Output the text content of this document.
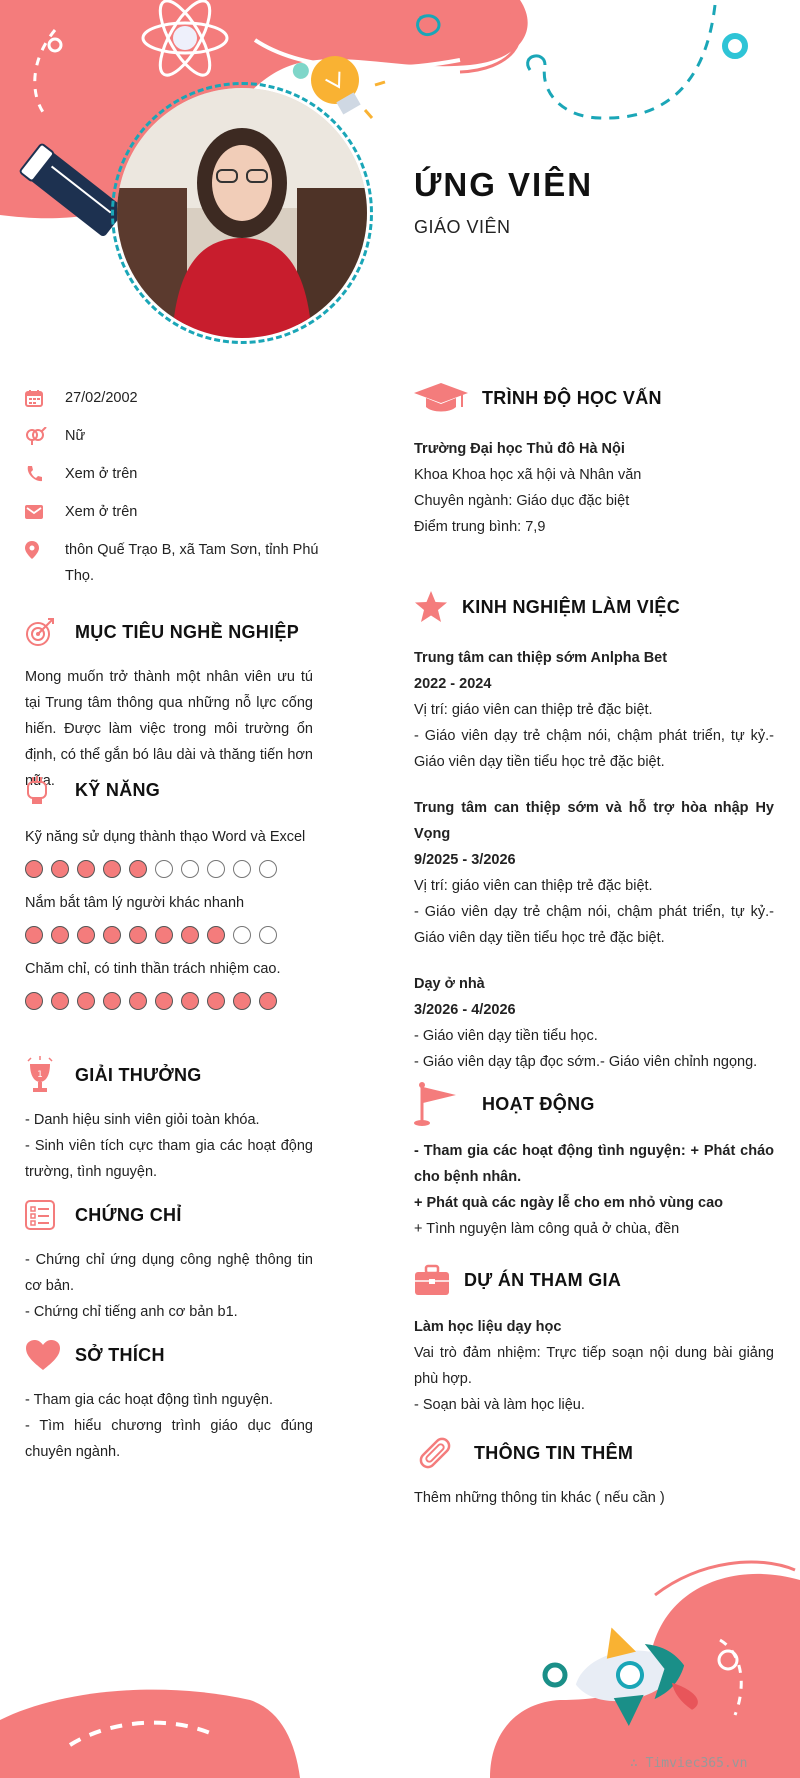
ỨNG VIÊN
GIÁO VIÊN
27/02/2002
Nữ
Xem ở trên
Xem ở trên
thôn Quế Trạo B, xã Tam Sơn, tỉnh Phú Thọ.
MỤC TIÊU NGHỀ NGHIỆP
Mong muốn trở thành một nhân viên ưu tú tại Trung tâm thông qua những nỗ lực cống hiến. Được làm việc trong môi trường ổn định, có thể gắn bó lâu dài và thăng tiến hơn nữa.	KỸ NĂNG
Kỹ năng sử dụng thành thạo Word và Excel
Nắm bắt tâm lý người khác nhanh
Chăm chỉ, có tinh thần trách nhiệm cao.
1 GIẢI THƯỞNG

- Danh hiệu sinh viên giỏi toàn khóa.

- Sinh viên tích cực tham gia các hoạt động trường, tình nguyện.

CHỨNG CHỈ

- Chứng chỉ ứng dụng công nghệ thông tin cơ bản.

- Chứng chỉ tiếng anh cơ bản b1.

SỞ THÍCH

- Tham gia các hoạt động tình nguyện.

- Tìm hiểu chương trình giáo dục đúng chuyên ngành.

TRÌNH ĐỘ HỌC VẤN

Trường Đại học Thủ đô Hà Nội

Khoa Khoa học xã hội và Nhân văn

Chuyên ngành: Giáo dục đặc biệt

Điểm trung bình: 7,9

KINH NGHIỆM LÀM VIỆC

Trung tâm can thiệp sớm Anlpha Bet

2022 - 2024

Vị trí: giáo viên can thiệp trẻ đặc biệt.

- Giáo viên dạy trẻ chậm nói, chậm phát triển, tự kỷ.- Giáo viên dạy tiền tiểu học trẻ đặc biệt.

Trung tâm can thiệp sớm và hỗ trợ hòa nhập Hy Vọng

9/2025 - 3/2026

Vị trí: giáo viên can thiệp trẻ đặc biệt.

- Giáo viên dạy trẻ chậm nói, chậm phát triển, tự kỷ.- Giáo viên dạy tiền tiểu học trẻ đặc biệt.

Dạy ở nhà

3/2026 - 4/2026

- Giáo viên dạy tiền tiểu học.

- Giáo viên dạy tập đọc sớm.- Giáo viên chỉnh ngọng.

HOẠT ĐỘNG

- Tham gia các hoạt động tình nguyện: + Phát cháo cho bệnh nhân.

+ Phát quà các ngày lễ cho em nhỏ vùng cao

+ Tình nguyện làm công quả ở chùa, đền

DỰ ÁN THAM GIA

Làm học liệu dạy học

Vai trò đảm nhiệm: Trực tiếp soạn nội dung bài giảng phù hợp.

- Soạn bài và làm học liệu.

THÔNG TIN THÊM
Thêm những thông tin khác ( nếu cần )
∴ Timviec365.vn
